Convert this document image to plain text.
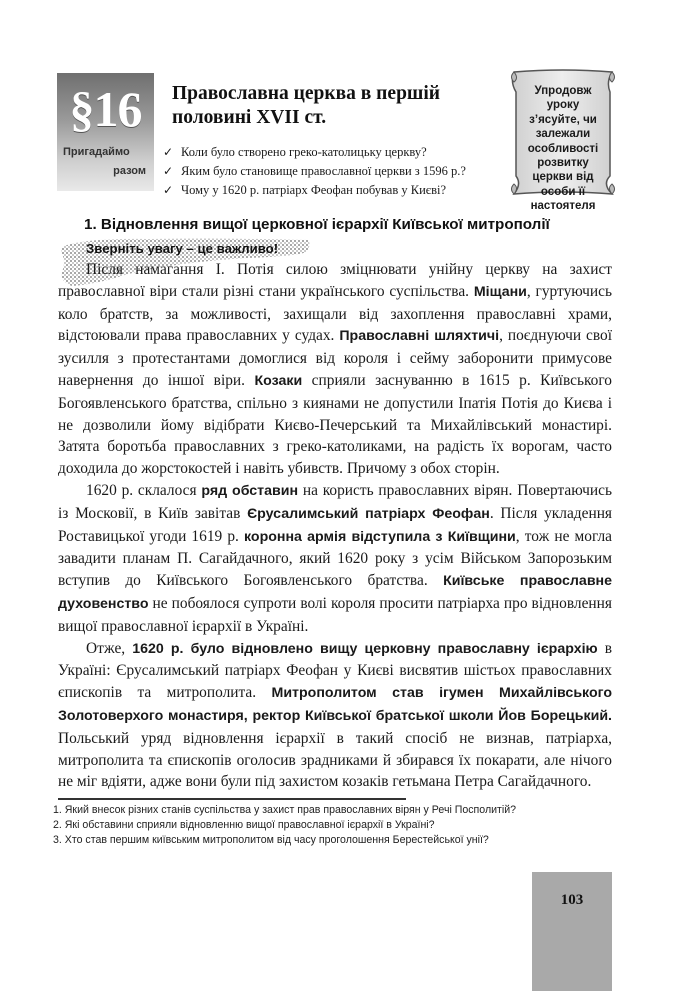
§16
Пригадаймо
разом
Православна церква в першій половині XVII ст.
✓ Коли було створено греко-католицьку церкву?
✓ Яким було становище православної церкви з 1596 р.?
✓ Чому у 1620 р. патріарх Феофан побував у Києві?
Упродовж уроку з’ясуйте, чи залежали особливості розвитку церкви від особи її настоятеля
1. Відновлення вищої церковної ієрархії Київської митрополії
Зверніть увагу – це важливо!

Після намагання І. Потія силою зміцнювати унійну церкву на захист православної віри стали різні стани українського суспільства. Міщани, гуртуючись коло братств, за можливості, захищали від захоплення православні храми, відстоювали права православних у судах. Православні шляхтичі, поєднуючи свої зусилля з протестантами домоглися від короля і сейму заборонити примусове навернення до іншої віри. Козаки сприяли заснуванню в 1615 р. Київського Богоявленського братства, спільно з киянами не допустили Іпатія Потія до Києва і не дозволили йому відібрати Києво-Печерський та Михайлівський монастирі. Затята боротьба православних з греко-католиками, на радість їх ворогам, часто доходила до жорстокостей і навіть убивств. Причому з обох сторін.

1620 р. склалося ряд обставин на користь православних вірян. Повертаючись із Московії, в Київ завітав Єрусалимський патріарх Феофан. Після укладення Роставицької угоди 1619 р. коронна армія відступила з Київщини, тож не могла завадити планам П. Сагайдачного, який 1620 року з усім Військом Запорозьким вступив до Київського Богоявленського братства. Київське православне духовенство не побоялося супроти волі короля просити патріарха про відновлення вищої православної ієрархії в Україні.

Отже, 1620 р. було відновлено вищу церковну православну ієрархію в Україні: Єрусалимський патріарх Феофан у Києві висвятив шістьох православних єпископів та митрополита. Митрополитом став ігумен Михайлівського Золотоверхого монастиря, ректор Київської братської школи Йов Борецький. Польський уряд відновлення ієрархії в такий спосіб не визнав, патріарха, митрополита та єпископів оголосив зрадниками й збирався їх покарати, але нічого не міг вдіяти, адже вони були під захистом козаків гетьмана Петра Сагайдачного.

1. Який внесок різних станів суспільства у захист прав православних вірян у Речі Посполитій?
2. Які обставини сприяли відновленню вищої православної ієрархії в Україні?
3. Хто став першим київським митрополитом від часу проголошення Берестейської унії?
103
